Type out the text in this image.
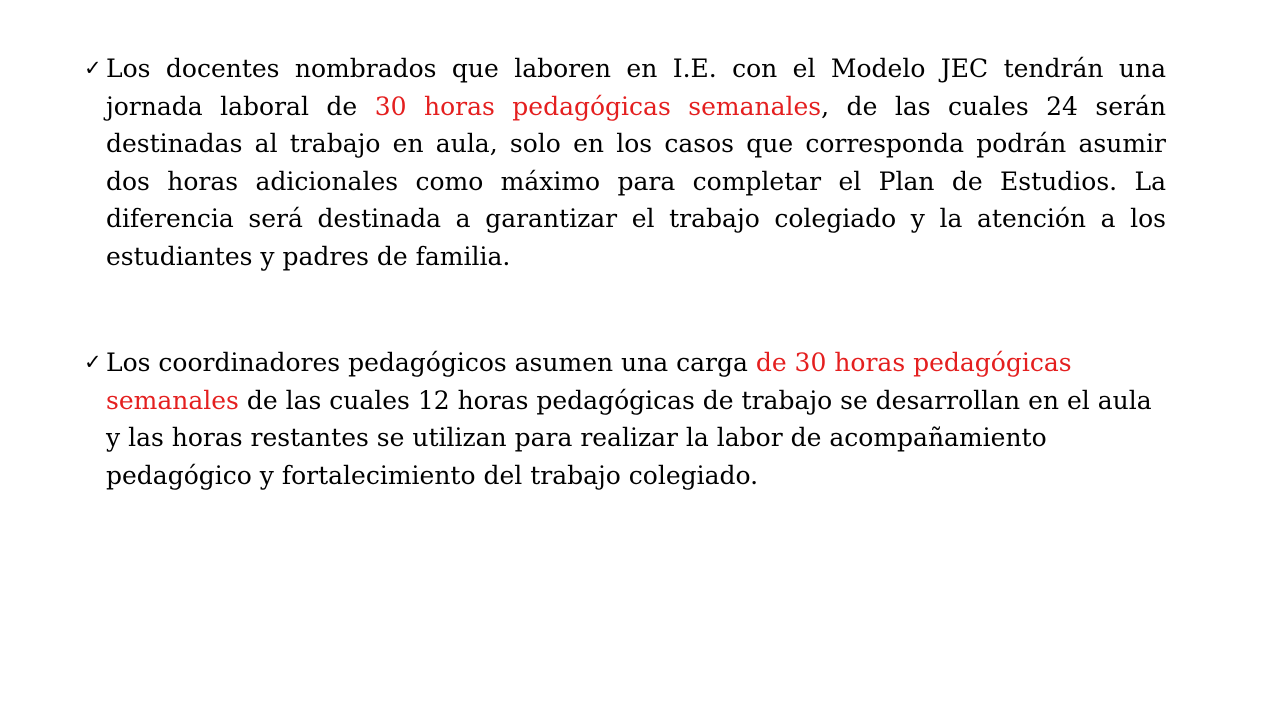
✓ Los docentes nombrados que laboren en I.E. con el Modelo JEC tendrán una jornada laboral de 30 horas pedagógicas semanales, de las cuales 24 serán destinadas al trabajo en aula, solo en los casos que corresponda podrán asumir dos horas adicionales como máximo para completar el Plan de Estudios. La diferencia será destinada a garantizar el trabajo colegiado y la atención a los estudiantes y padres de familia.

✓ Los coordinadores pedagógicos asumen una carga de 30 horas pedagógicas semanales de las cuales 12 horas pedagógicas de trabajo se desarrollan en el aula y las horas restantes se utilizan para realizar la labor de acompañamiento pedagógico y fortalecimiento del trabajo colegiado.
